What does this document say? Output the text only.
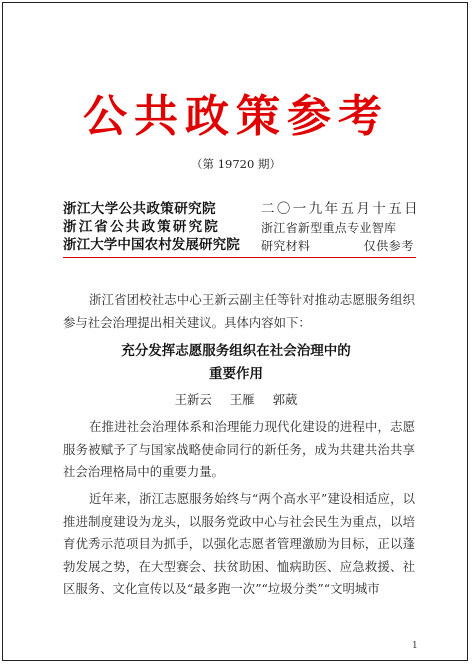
公共政策参考
（第 19720 期）
浙江大学公共政策研究院
浙江省公共政策研究院
浙江大学中国农村发展研究院
二〇一九年五月十五日
浙江省新型重点专业智库
研究材料	仅供参考

浙江省团校社志中心王新云副主任等针对推动志愿服务组织参与社会治理提出相关建议。具体内容如下：

充分发挥志愿服务组织在社会治理中的
重要作用
王新云 王雁 郭葳

在推进社会治理体系和治理能力现代化建设的进程中，志愿服务被赋予了与国家战略使命同行的新任务，成为共建共治共享社会治理格局中的重要力量。

近年来，浙江志愿服务始终与“两个高水平”建设相适应，以推进制度建设为龙头，以服务党政中心与社会民生为重点，以培育优秀示范项目为抓手，以强化志愿者管理激励为目标，正以蓬勃发展之势，在大型赛会、扶贫助困、恤病助医、应急救援、社区服务、文化宣传以及“最多跑一次”“垃圾分类”“文明城市

1
